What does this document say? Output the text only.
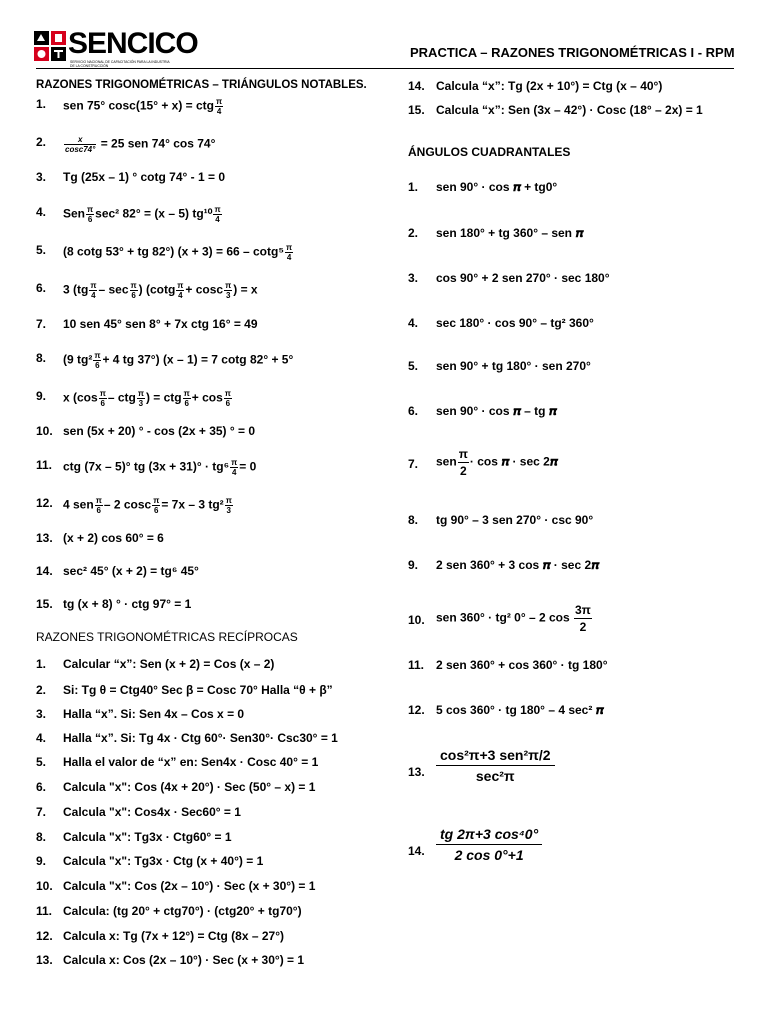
SENCICO
SERVICIO NACIONAL DE CAPACITACIÓN PARA LA INDUSTRIA DE LA CONSTRUCCIÓN
PRACTICA – RAZONES TRIGONOMÉTRICAS I - RPM
RAZONES TRIGONOMÉTRICAS – TRIÁNGULOS NOTABLES.
1. sen 75° cosc(15° + x) = ctg $\frac{\pi}{4}$
2. $\frac{x}{\cos c74^\circ} = 25$ sen 74° cos 74°
3. Tg (25x – 1) ° cotg 74° - 1 = 0
4. Sen $\frac{\pi}{6} \sec^2$ 82° = (x – 5) $tg^{10} \frac{\pi}{4}$
5. (8 cotg 53° + tg 82°) $(x + 3) = 66 - \cot g^5 \frac{\pi}{4}$
6. 3 ($tg \frac{\pi}{4}$ – $\sec \frac{\pi}{6}$ ) ($\cot g \frac{\pi}{4} + \cos c \frac{\pi}{3}$ ) = x
7. 10 sen 45° sen 8° + 7x ctg 16° = 49
8. (9 $tg^2 \frac{\pi}{6} + 4$ tg 37°) (x – 1) = 7 cotg 82° + 5°
9. x ($\cos \frac{\pi}{6}$ – ctg $\frac{\pi}{3}$ ) = ctg $\frac{\pi}{6} + \cos \frac{\pi}{6}$
10. sen (5x + 20) ° - cos (2x + 35) ° = 0
11. ctg (7x – 5)° tg $(3x + 31)^\circ \cdot tg^6 \frac{\pi}{4} = 0$
12. 4 sen $\frac{\pi}{6} - 2$ cosc $\frac{\pi}{6} = 7x - 3$ $tg^2 \frac{\pi}{3}$
13. (x + 2) cos 60° = 6
14. sec² 45° (x + 2) = tg⁶ 45°
15. tg (x + 8) ° · ctg 97° = 1
RAZONES TRIGONOMÉTRICAS RECÍPROCAS
1. Calcular “x”: Sen (x + 2) = Cos (x – 2)
2. Si: Tg θ = Ctg40° Sec β = Cosc 70° Halla “θ + β”
3. Halla “x”. Si: Sen 4x – Cos x = 0
4. Halla “x”. Si: Tg 4x · Ctg 60°· Sen30°· Csc30° = 1
5. Halla el valor de “x” en: Sen4x · Cosc 40° = 1
6. Calcula "x": Cos (4x + 20°) · Sec (50° – x) = 1
7. Calcula "x": Cos4x · Sec60° = 1
8. Calcula "x": Tg3x · Ctg60° = 1
9. Calcula "x": Tg3x · Ctg (x + 40°) = 1
10. Calcula "x": Cos (2x – 10°) · Sec (x + 30°) = 1
11. Calcula: (tg 20° + ctg70°) · (ctg20° + tg70°)
12. Calcula x: Tg (7x + 12°) = Ctg (8x – 27°)
13. Calcula x: Cos (2x – 10°) · Sec (x + 30°) = 1
14. Calcula “x”: Tg (2x + 10°) = Ctg (x – 40°)
15. Calcula “x”: Sen (3x – 42°) · Cosc (18° – 2x) = 1
ÁNGULOS CUADRANTALES
1. sen 90° · cos 𝝅 + tg0°
2. sen 180° + tg 360° – sen 𝝅
3. cos 90° + 2 sen 270° · sec 180°
4. sec 180° · cos 90° – tg² 360°
5. sen 90° + tg 180° · sen 270°
6. sen 90° · cos 𝝅 – tg 𝝅
7. sen $\frac{\pi}{2} \cdot \cos$ 𝝅 · sec 2𝝅
8. tg 90° – 3 sen 270° · csc 90°
9. 2 sen 360° + 3 cos 𝝅 · sec 2𝝅
10. sen 360° · tg² 0° – 2 $\cos \frac{3\pi}{2}$
11. 2 sen 360° + cos 360° · tg 180°
12. 5 cos 360° · tg 180° – 4 sec² 𝝅
13. $\frac{\text{cos²π+3 sen²π/2}}{\text{sec²π}}$
14. $\frac{\text{tg 2π+3 cos⁴0°}}{2 \cos 0^\circ+1}$
